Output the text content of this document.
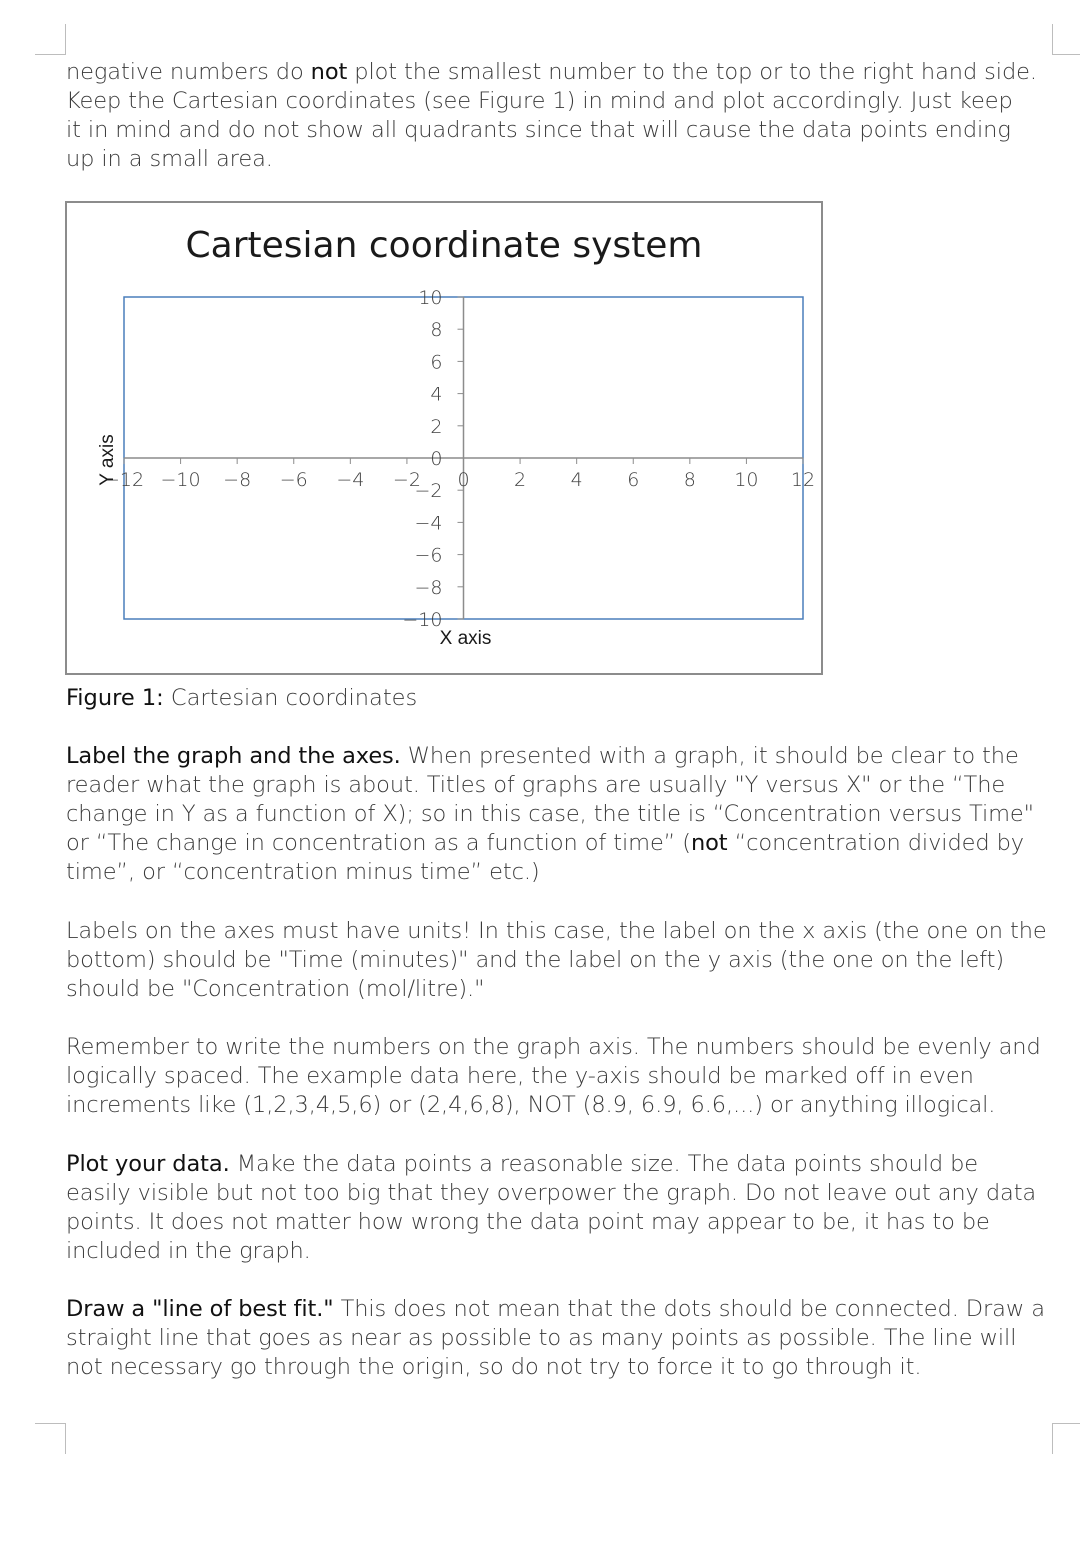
negative numbers do not plot the smallest number to the top or to the right hand side.
Keep the Cartesian coordinates (see Figure 1) in mind and plot accordingly. Just keep
it in mind and do not show all quadrants since that will cause the data points ending
up in a small area.
Cartesian coordinate system
−12 −10 −8 −6 −4 −2 0 2 4 6 8 10 12
10
8
6
4
2
0
−2
−4
−6
−8
−10
X axis
Y axis
Figure 1: Cartesian coordinates
Label the graph and the axes. When presented with a graph, it should be clear to the
reader what the graph is about. Titles of graphs are usually "Y versus X" or the “The
change in Y as a function of X); so in this case, the title is “Concentration versus Time"
or “The change in concentration as a function of time” (not “concentration divided by
time”, or “concentration minus time” etc.)
Labels on the axes must have units! In this case, the label on the x axis (the one on the
bottom) should be "Time (minutes)" and the label on the y axis (the one on the left)
should be "Concentration (mol/litre)."
Remember to write the numbers on the graph axis. The numbers should be evenly and
logically spaced. The example data here, the y-axis should be marked off in even
increments like (1,2,3,4,5,6) or (2,4,6,8), NOT (8.9, 6.9, 6.6,...) or anything illogical.
Plot your data. Make the data points a reasonable size. The data points should be
easily visible but not too big that they overpower the graph. Do not leave out any data
points. It does not matter how wrong the data point may appear to be, it has to be
included in the graph.
Draw a "line of best fit." This does not mean that the dots should be connected. Draw a
straight line that goes as near as possible to as many points as possible. The line will
not necessary go through the origin, so do not try to force it to go through it.
